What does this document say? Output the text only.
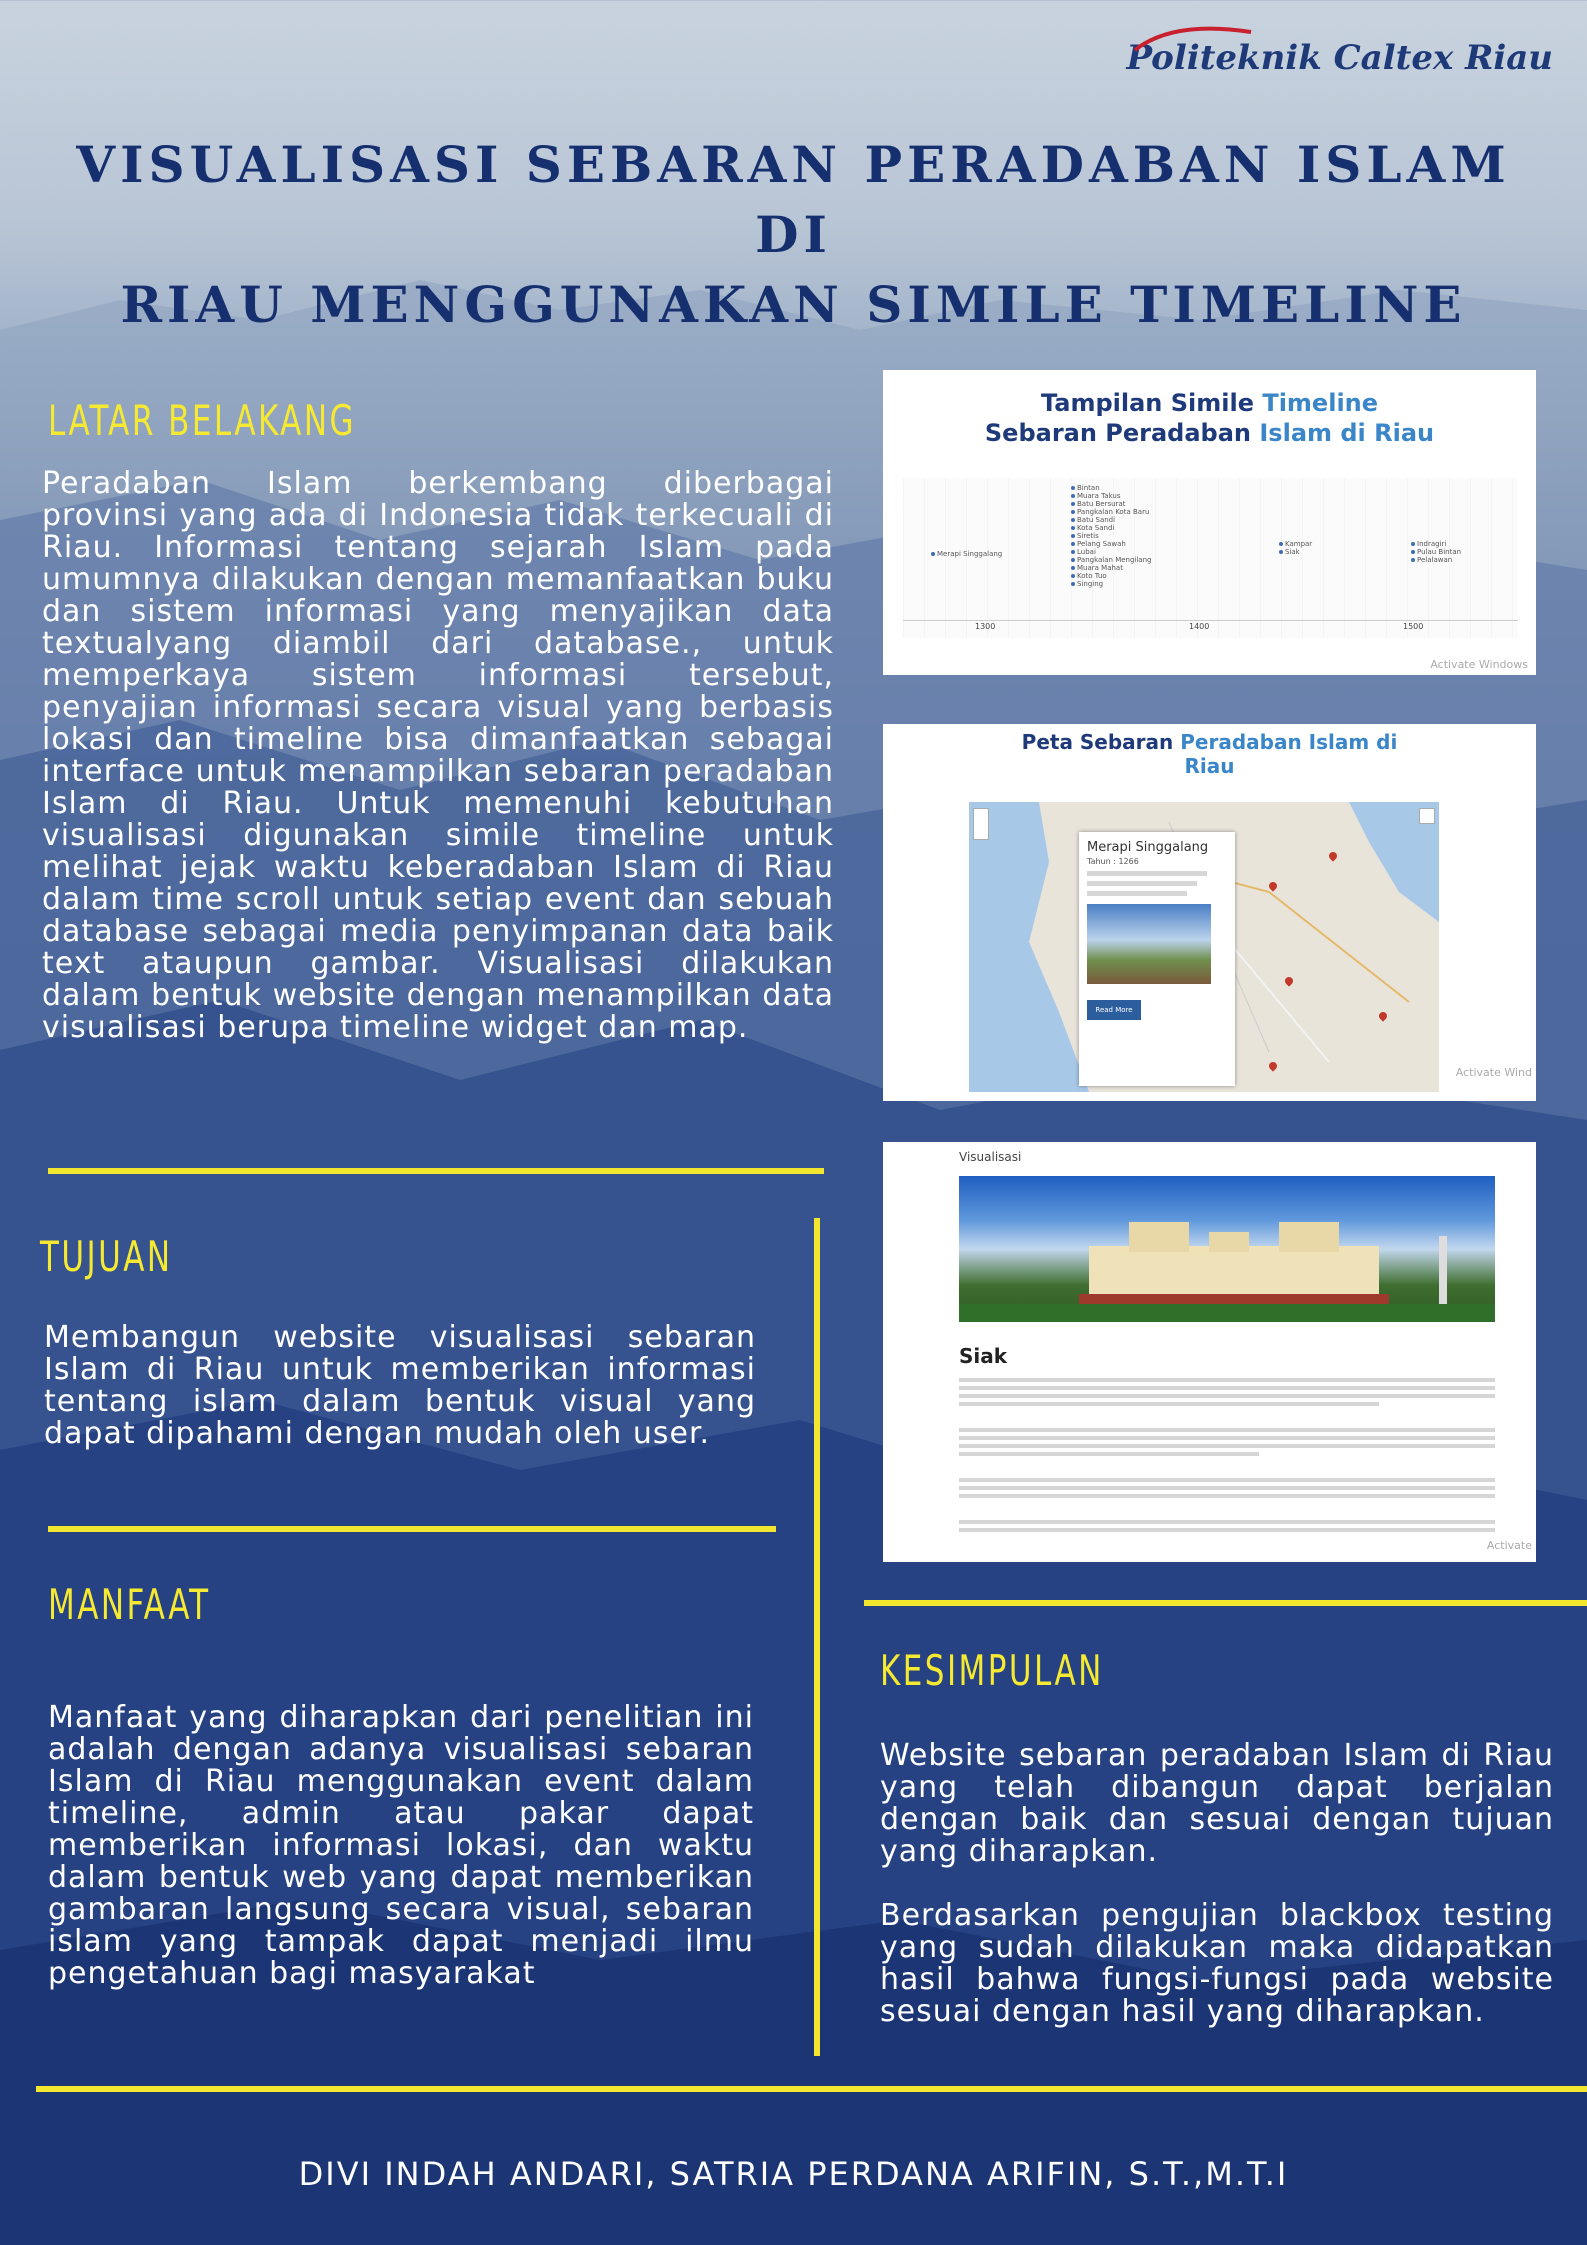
Politeknik Caltex Riau
VISUALISASI SEBARAN PERADABAN ISLAM DI
RIAU MENGGUNAKAN SIMILE TIMELINE
LATAR BELAKANG
Peradaban Islam berkembang diberbagai provinsi yang ada di Indonesia tidak terkecuali di Riau. Informasi tentang sejarah Islam pada umumnya dilakukan dengan memanfaatkan buku dan sistem informasi yang menyajikan data textualyang diambil dari database., untuk memperkaya sistem informasi tersebut, penyajian informasi secara visual yang berbasis lokasi dan timeline bisa dimanfaatkan sebagai interface untuk menampilkan sebaran peradaban Islam di Riau. Untuk memenuhi kebutuhan visualisasi digunakan simile timeline untuk melihat jejak waktu keberadaban Islam di Riau dalam time scroll untuk setiap event dan sebuah database sebagai media penyimpanan data baik text ataupun gambar. Visualisasi dilakukan dalam bentuk website dengan menampilkan data visualisasi berupa timeline widget dan map.
TUJUAN
Membangun website visualisasi sebaran Islam di Riau untuk memberikan informasi tentang islam dalam bentuk visual yang dapat dipahami dengan mudah oleh user.
MANFAAT
Manfaat yang diharapkan dari penelitian ini adalah dengan adanya visualisasi sebaran Islam di Riau menggunakan event dalam timeline, admin atau pakar dapat memberikan informasi lokasi, dan waktu dalam bentuk web yang dapat memberikan gambaran langsung secara visual, sebaran islam yang tampak dapat menjadi ilmu pengetahuan bagi masyarakat
KESIMPULAN
Website sebaran peradaban Islam di Riau yang telah dibangun dapat berjalan dengan baik dan sesuai dengan tujuan yang diharapkan.
Berdasarkan pengujian blackbox testing yang sudah dilakukan maka didapatkan hasil bahwa fungsi-fungsi pada website sesuai dengan hasil yang diharapkan.
DIVI INDAH ANDARI, SATRIA PERDANA ARIFIN, S.T.,M.T.I
Tampilan Simile Timeline
Sebaran Peradaban Islam di Riau
Merapi Singgalang
Bintan
Muara Takus
Batu Bersurat
Pangkalan Kota Baru
Batu Sandi
Kota Sandi
Siretis
Pelang Sawah
Lubai
Pangkalan Mengilang
Muara Mahat
Koto Tuo
Singing
Kampar
Siak
Indragiri
Pulau Bintan
Pelalawan
1300	1400	1500
Activate Windows
Peta Sebaran Peradaban Islam di
Riau
Merapi Singgalang
Tahun : 1266
Read More
Activate Wind
Visualisasi
Siak
Activate
